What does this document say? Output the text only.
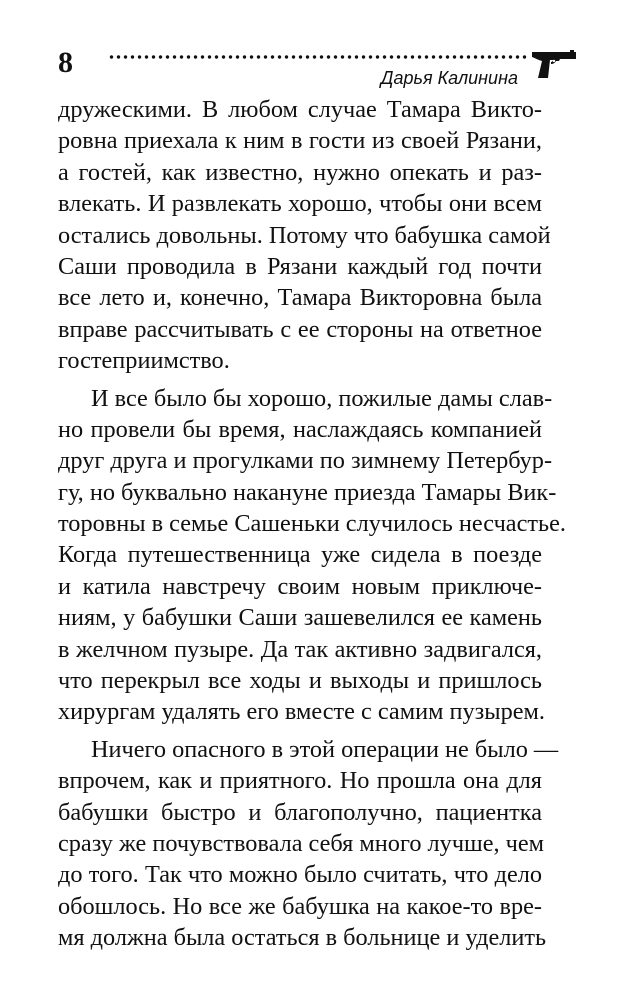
8	Дарья Калинина
дружескими. В любом случае Тамара Викто-
ровна приехала к ним в гости из своей Рязани,
а гостей, как известно, нужно опекать и раз-
влекать. И развлекать хорошо, чтобы они всем
остались довольны. Потому что бабушка самой
Саши проводила в Рязани каждый год почти
все лето и, конечно, Тамара Викторовна была
вправе рассчитывать с ее стороны на ответное
гостеприимство.
И все было бы хорошо, пожилые дамы слав-
но провели бы время, наслаждаясь компанией
друг друга и прогулками по зимнему Петербур-
гу, но буквально накануне приезда Тамары Вик-
торовны в семье Сашеньки случилось несчастье.
Когда путешественница уже сидела в поезде
и катила навстречу своим новым приключе-
ниям, у бабушки Саши зашевелился ее камень
в желчном пузыре. Да так активно задвигался,
что перекрыл все ходы и выходы и пришлось
хирургам удалять его вместе с самим пузырем.
Ничего опасного в этой операции не было —
впрочем, как и приятного. Но прошла она для
бабушки быстро и благополучно, пациентка
сразу же почувствовала себя много лучше, чем
до того. Так что можно было считать, что дело
обошлось. Но все же бабушка на какое-то вре-
мя должна была остаться в больнице и уделить
